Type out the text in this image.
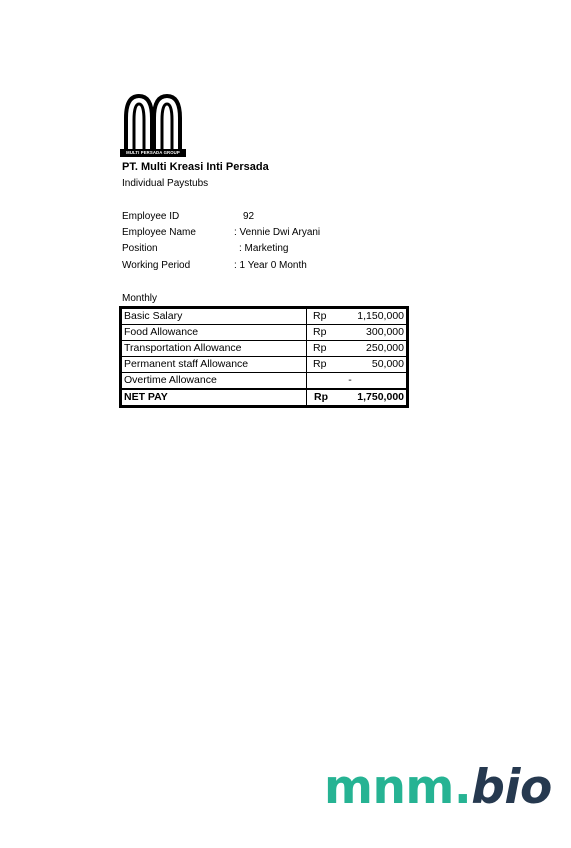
MULTI PERSADA GROUP
PT. Multi Kreasi Inti Persada
Individual Paystubs
Employee ID	92
Employee Name	: Vennie Dwi Aryani
Position	: Marketing
Working Period	: 1 Year 0 Month
Monthly
Basic Salary	Rp	1,150,000
Food Allowance	Rp	300,000
Transportation Allowance	Rp	250,000
Permanent staff Allowance	Rp	50,000
Overtime Allowance		-
NET PAY	Rp	1,750,000
mnm.bio
